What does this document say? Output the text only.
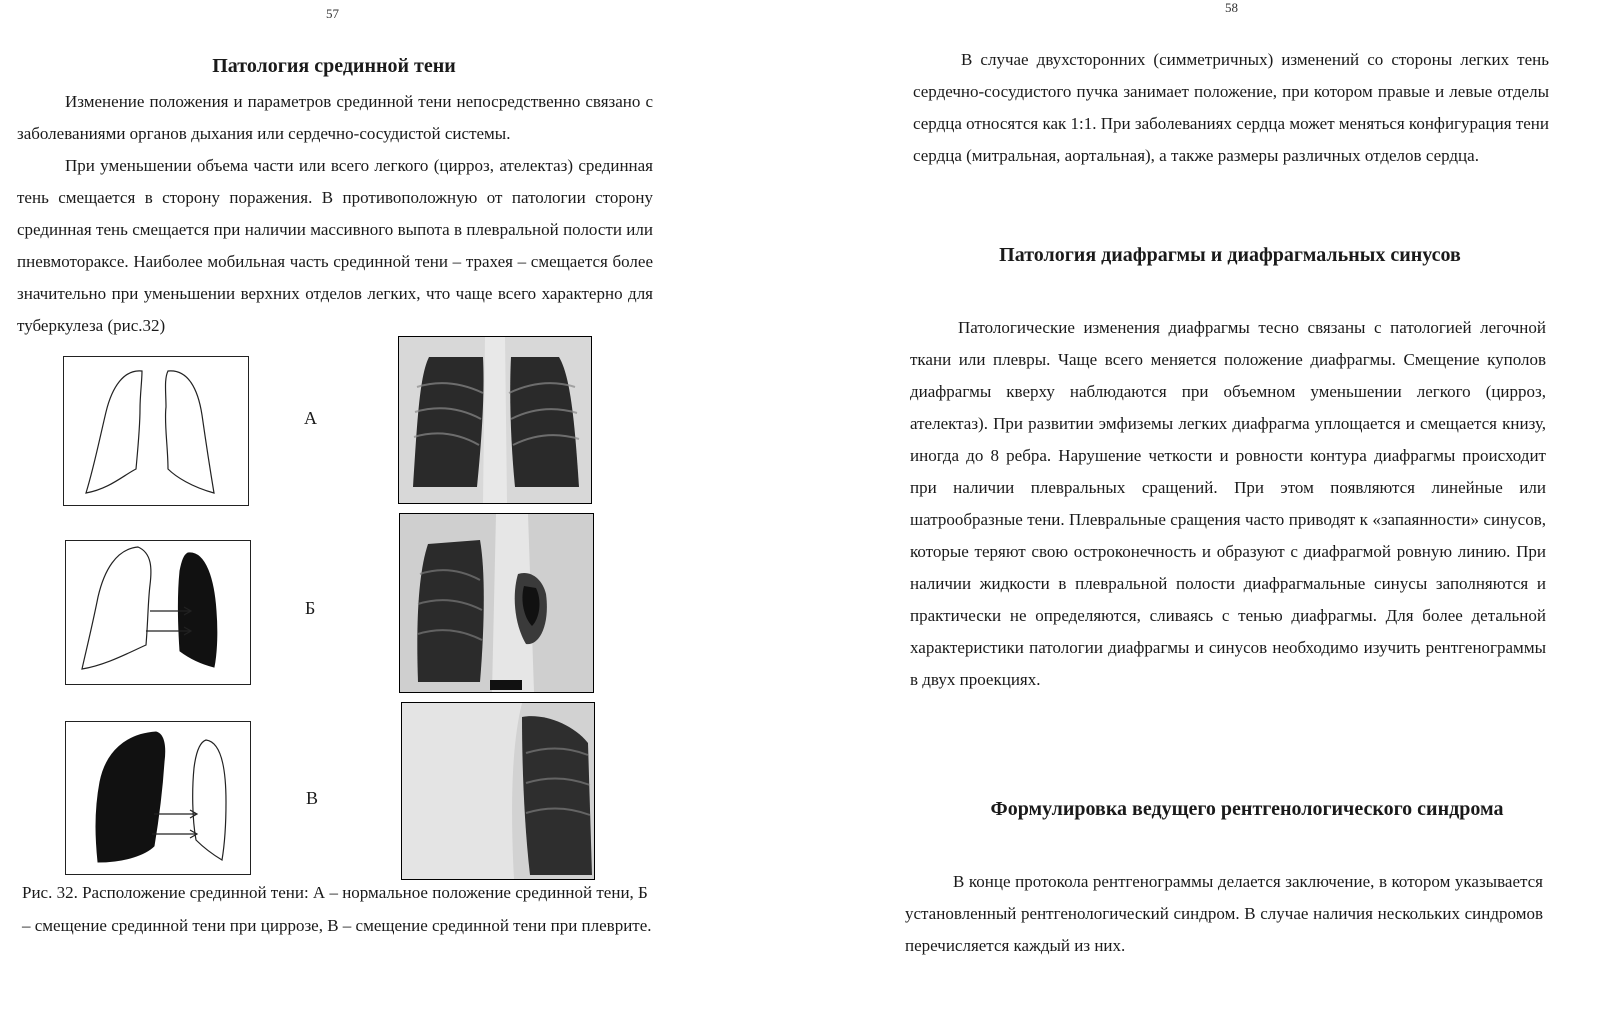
57
Патология срединной тени

Изменение положения и параметров срединной тени непосредственно связано с заболеваниями органов дыхания или сердечно-сосудистой системы.

При уменьшении объема части или всего легкого (цирроз, ателектаз) срединная тень смещается в сторону поражения. В противоположную от патологии сторону срединная тень смещается при наличии массивного выпота в плевральной полости или пневмотораксе. Наиболее мобильная часть срединной тени – трахея – смещается более значительно при уменьшении верхних отделов легких, что чаще всего характерно для туберкулеза (рис.32)

А
Б
В

Рис. 32. Расположение срединной тени: А – нормальное положение срединной тени, Б – смещение срединной тени при циррозе, В – смещение срединной тени при плеврите.

58

В случае двухсторонних (симметричных) изменений со стороны легких тень сердечно-сосудистого пучка занимает положение, при котором правые и левые отделы сердца относятся как 1:1. При заболеваниях сердца может меняться конфигурация тени сердца (митральная, аортальная), а также размеры различных отделов сердца.

Патология диафрагмы и диафрагмальных синусов

Патологические изменения диафрагмы тесно связаны с патологией легочной ткани или плевры. Чаще всего меняется положение диафрагмы. Смещение куполов диафрагмы кверху наблюдаются при объемном уменьшении легкого (цирроз, ателектаз). При развитии эмфиземы легких диафрагма уплощается и смещается книзу, иногда до 8 ребра. Нарушение четкости и ровности контура диафрагмы происходит при наличии плевральных сращений. При этом появляются линейные или шатрообразные тени. Плевральные сращения часто приводят к «запаянности» синусов, которые теряют свою остроконечность и образуют с диафрагмой ровную линию. При наличии жидкости в плевральной полости диафрагмальные синусы заполняются и практически не определяются, сливаясь с тенью диафрагмы. Для более детальной характеристики патологии диафрагмы и синусов необходимо изучить рентгенограммы в двух проекциях.

Формулировка ведущего рентгенологического синдрома

В конце протокола рентгенограммы делается заключение, в котором указывается установленный рентгенологический синдром. В случае наличия нескольких синдромов перечисляется каждый из них.
